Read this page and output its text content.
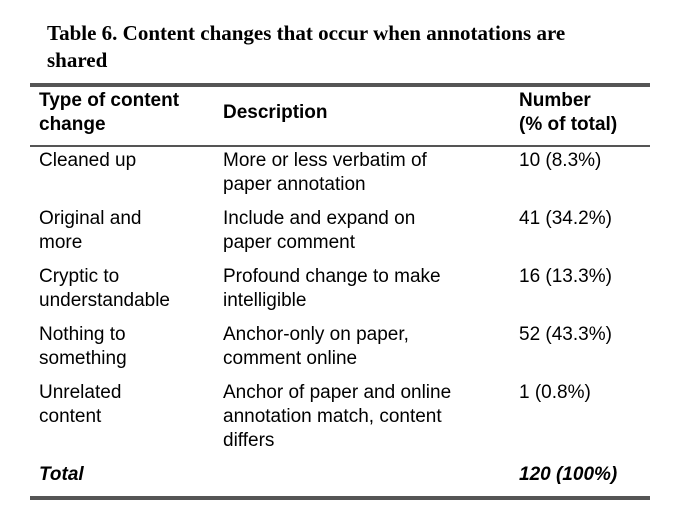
Table 6. Content changes that occur when annotations are
shared
Type of content
change
Description
Number
(% of total)
Cleaned up	More or less verbatim of
paper annotation
10 (8.3%)
Original and
more
Include and expand on
paper comment
41 (34.2%)
Cryptic to
understandable
Profound change to make
intelligible
16 (13.3%)
Nothing to
something
Anchor-only on paper,
comment online
52 (43.3%)
Unrelated
content
Anchor of paper and online
annotation match, content
differs
1 (0.8%)
Total	120 (100%)
